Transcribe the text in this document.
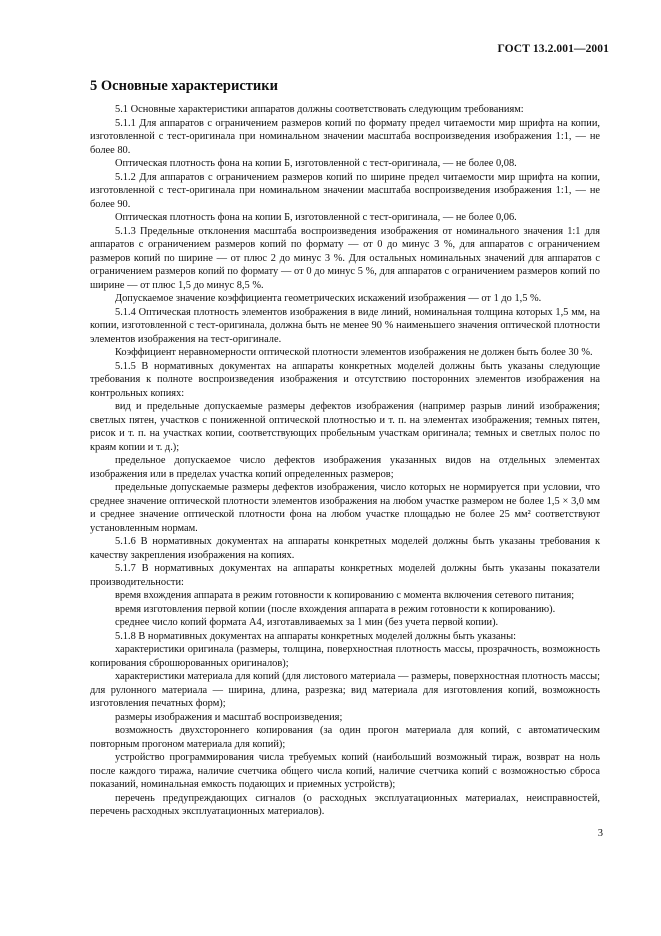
ГОСТ 13.2.001—2001
5 Основные характеристики

5.1 Основные характеристики аппаратов должны соответствовать следующим требованиям:

5.1.1 Для аппаратов с ограничением размеров копий по формату предел читаемости мир шрифта на копии, изготовленной с тест-оригинала при номинальном значении масштаба воспроизведения изображения 1:1, — не более 80.

Оптическая плотность фона на копии Б, изготовленной с тест-оригинала, — не более 0,08.

5.1.2 Для аппаратов с ограничением размеров копий по ширине предел читаемости мир шрифта на копии, изготовленной с тест-оригинала при номинальном значении масштаба воспроизведения изображения 1:1, — не более 90.

Оптическая плотность фона на копии Б, изготовленной с тест-оригинала, — не более 0,06.

5.1.3 Предельные отклонения масштаба воспроизведения изображения от номинального значения 1:1 для аппаратов с ограничением размеров копий по формату — от 0 до минус 3 %, для аппаратов с ограничением размеров копий по ширине — от плюс 2 до минус 3 %. Для остальных номинальных значений для аппаратов с ограничением размеров копий по формату — от 0 до минус 5 %, для аппаратов с ограничением размеров копий по ширине — от плюс 1,5 до минус 8,5 %.

Допускаемое значение коэффициента геометрических искажений изображения — от 1 до 1,5 %.

5.1.4 Оптическая плотность элементов изображения в виде линий, номинальная толщина которых 1,5 мм, на копии, изготовленной с тест-оригинала, должна быть не менее 90 % наименьшего значения оптической плотности элементов изображения на тест-оригинале.

Коэффициент неравномерности оптической плотности элементов изображения не должен быть более 30 %.

5.1.5 В нормативных документах на аппараты конкретных моделей должны быть указаны следующие требования к полноте воспроизведения изображения и отсутствию посторонних элементов изображения на контрольных копиях:

вид и предельные допускаемые размеры дефектов изображения (например разрыв линий изображения; светлых пятен, участков с пониженной оптической плотностью и т. п. на элементах изображения; темных пятен, рисок и т. п. на участках копии, соответствующих пробельным участкам оригинала; темных и светлых полос по краям копии и т. д.);

предельное допускаемое число дефектов изображения указанных видов на отдельных элементах изображения или в пределах участка копий определенных размеров;

предельные допускаемые размеры дефектов изображения, число которых не нормируется при условии, что среднее значение оптической плотности элементов изображения на любом участке размером не более 1,5 × 3,0 мм и среднее значение оптической плотности фона на любом участке площадью не более 25 мм² соответствуют установленным нормам.

5.1.6 В нормативных документах на аппараты конкретных моделей должны быть указаны требования к качеству закрепления изображения на копиях.

5.1.7 В нормативных документах на аппараты конкретных моделей должны быть указаны показатели производительности:

время вхождения аппарата в режим готовности к копированию с момента включения сетевого питания;

время изготовления первой копии (после вхождения аппарата в режим готовности к копированию).

среднее число копий формата А4, изготавливаемых за 1 мин (без учета первой копии).

5.1.8 В нормативных документах на аппараты конкретных моделей должны быть указаны:

характеристики оригинала (размеры, толщина, поверхностная плотность массы, прозрачность, возможность копирования сброшюрованных оригиналов);

характеристики материала для копий (для листового материала — размеры, поверхностная плотность массы; для рулонного материала — ширина, длина, разрезка; вид материала для изготовления копий, возможность изготовления печатных форм);

размеры изображения и масштаб воспроизведения;

возможность двухстороннего копирования (за один прогон материала для копий, с автоматическим повторным прогоном материала для копий);

устройство программирования числа требуемых копий (наибольший возможный тираж, возврат на ноль после каждого тиража, наличие счетчика общего числа копий, наличие счетчика копий с возможностью сброса показаний, номинальная емкость подающих и приемных устройств);

перечень предупреждающих сигналов (о расходных эксплуатационных материалах, неисправностей, перечень расходных эксплуатационных материалов).

3
